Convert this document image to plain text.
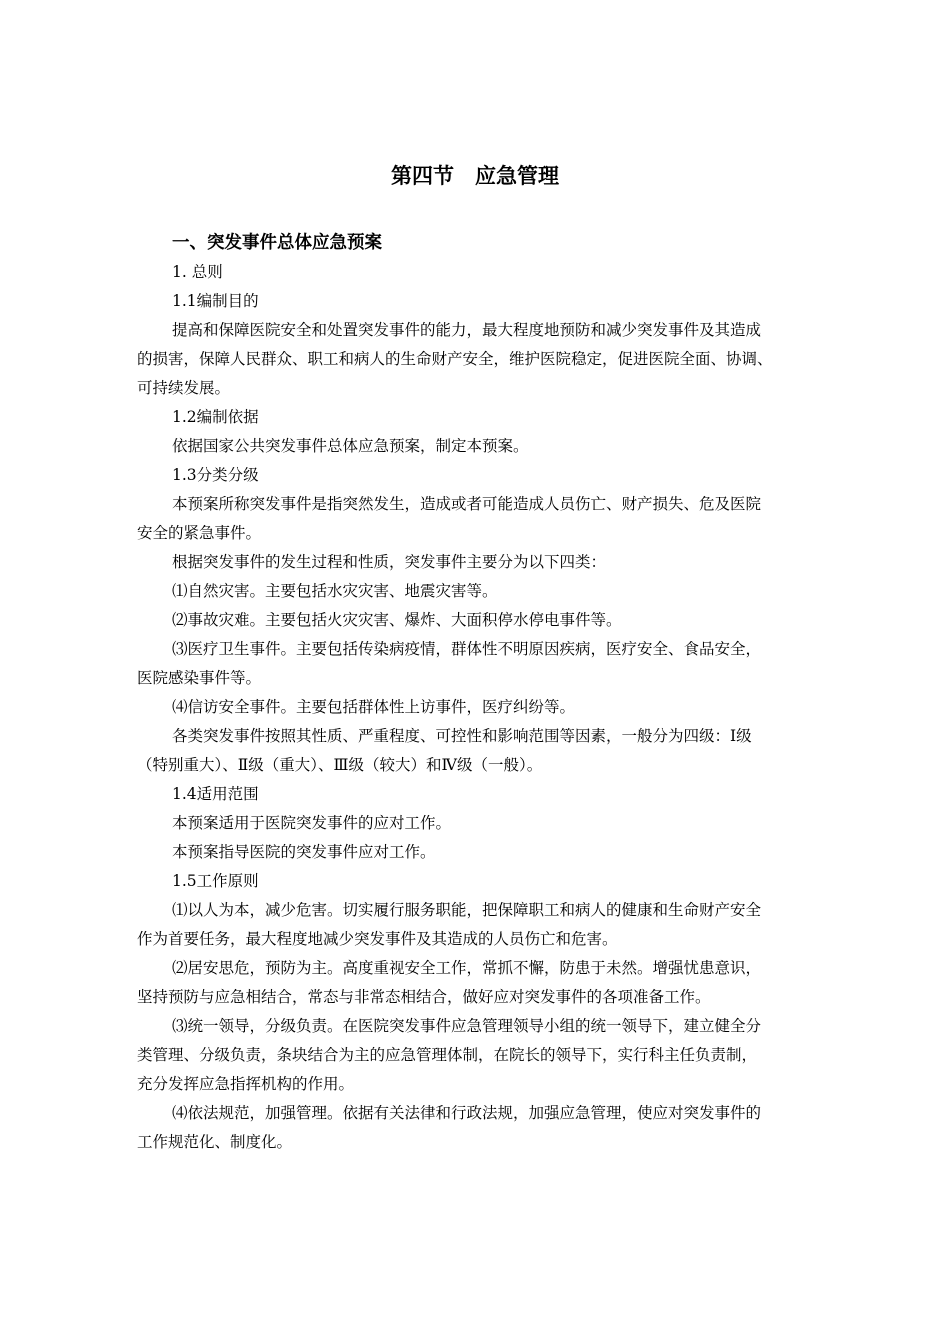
第四节　应急管理
一、突发事件总体应急预案
1. 总则
1.1编制目的
提高和保障医院安全和处置突发事件的能力，最大程度地预防和减少突发事件及其造成
的损害，保障人民群众、职工和病人的生命财产安全，维护医院稳定，促进医院全面、协调、
可持续发展。
1.2编制依据
依据国家公共突发事件总体应急预案，制定本预案。
1.3分类分级
本预案所称突发事件是指突然发生，造成或者可能造成人员伤亡、财产损失、危及医院
安全的紧急事件。
根据突发事件的发生过程和性质，突发事件主要分为以下四类：
⑴自然灾害。主要包括水灾灾害、地震灾害等。
⑵事故灾难。主要包括火灾灾害、爆炸、大面积停水停电事件等。
⑶医疗卫生事件。主要包括传染病疫情，群体性不明原因疾病，医疗安全、食品安全，
医院感染事件等。
⑷信访安全事件。主要包括群体性上访事件，医疗纠纷等。
各类突发事件按照其性质、严重程度、可控性和影响范围等因素，一般分为四级：Ⅰ级
（特别重大）、Ⅱ级（重大）、Ⅲ级（较大）和Ⅳ级（一般）。
1.4适用范围
本预案适用于医院突发事件的应对工作。
本预案指导医院的突发事件应对工作。
1.5工作原则
⑴以人为本，减少危害。切实履行服务职能，把保障职工和病人的健康和生命财产安全
作为首要任务，最大程度地减少突发事件及其造成的人员伤亡和危害。
⑵居安思危，预防为主。高度重视安全工作，常抓不懈，防患于未然。增强忧患意识，
坚持预防与应急相结合，常态与非常态相结合，做好应对突发事件的各项准备工作。
⑶统一领导，分级负责。在医院突发事件应急管理领导小组的统一领导下，建立健全分
类管理、分级负责，条块结合为主的应急管理体制，在院长的领导下，实行科主任负责制，
充分发挥应急指挥机构的作用。
⑷依法规范，加强管理。依据有关法律和行政法规，加强应急管理，使应对突发事件的
工作规范化、制度化。
